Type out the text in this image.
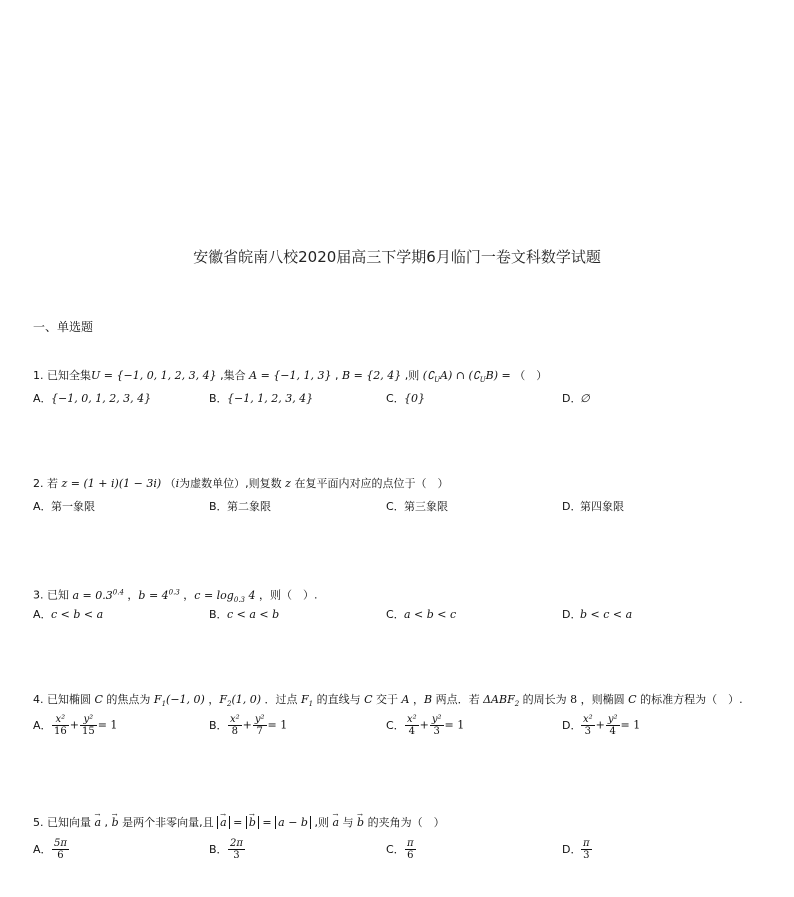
安徽省皖南八校2020届高三下学期6月临门一卷文科数学试题
一、单选题
1. 已知全集U = {−1, 0, 1, 2, 3, 4} ,集合 A = {−1, 1, 3} , B = {2, 4} ,则 $(∁_UA)$ ∩ $(∁_UB)$ = （　）
A．{−1, 0, 1, 2, 3, 4}	B．{−1, 1, 2, 3, 4}	C．{0}	D．∅
2. 若 z = (1 + i)(1 − 3i) （i为虚数单位）,则复数 z 在复平面内对应的点位于（　）
A．第一象限	B．第二象限	C．第三象限	D．第四象限
3. 已知 $a = 0.3^{0.4}$ ，$b = 4^{0.3}$ ，$c = \log_{0.3} 4$ ，则（　）.
A．c < b < a	B．c < a < b	C．a < b < c	D．b < c < a
4. 已知椭圆 C 的焦点为 $F_1(-1$, 0) ，$F_2(1$, 0) ．过点 $F_1$ 的直线与 C 交于 A ，B 两点．若 $\Delta ABF_2$ 的周长为 8 ，则椭圆 C 的标准方程为（　）.
A． $\frac{\text{x²}}{16} + \frac{\text{y²}}{15} = 1$	B． $\frac{\text{x²}}{8} + \frac{\text{y²}}{7} = 1$	C． $\frac{\text{x²}}{4} + \frac{\text{y²}}{3} = 1$	D． $\frac{\text{x²}}{3} + \frac{\text{y²}}{4} = 1$
5. 已知向量 → a , → b 是两个非零向量,且 → a = → b = a − b ,则 → a 与 → b 的夹角为（　）
A． $\frac{5\pi}{6}$	B． $\frac{2\pi}{3}$	C． $\frac{\pi}{6}$	D． $\frac{\pi}{3}$
